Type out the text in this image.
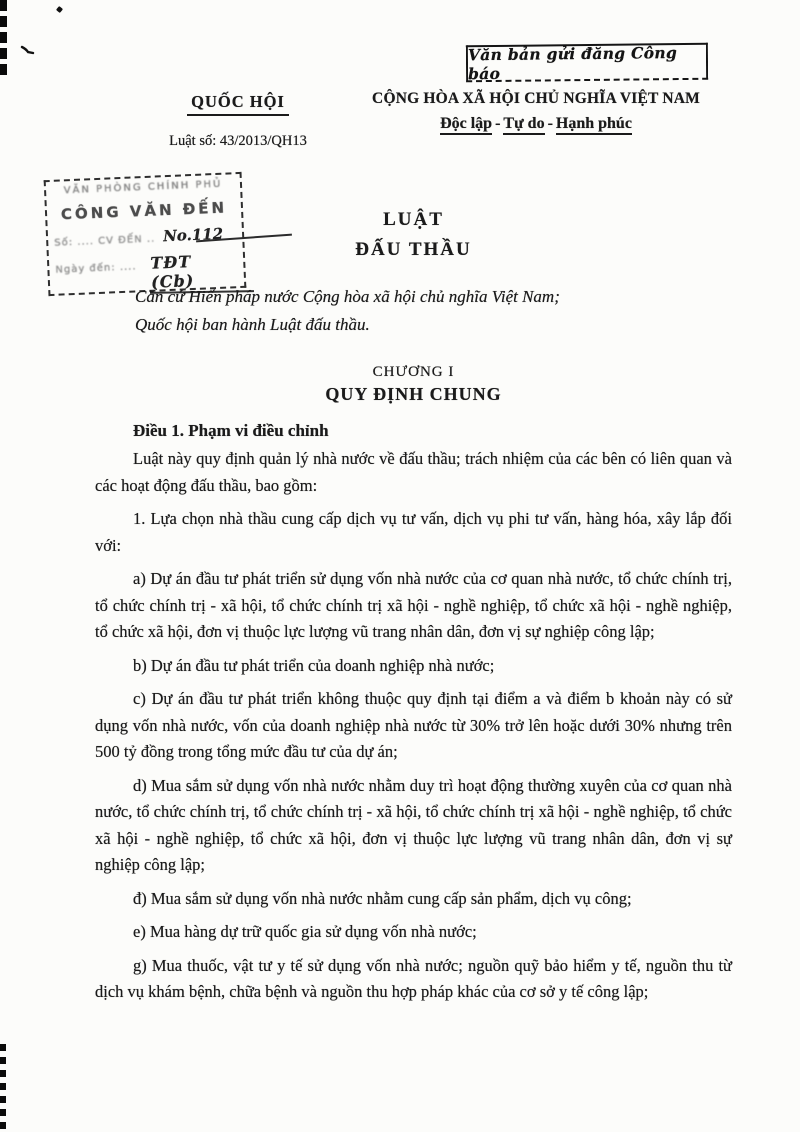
Văn bản gửi đăng Công báo
QUỐC HỘI
Luật số: 43/2013/QH13
CỘNG HÒA XÃ HỘI CHỦ NGHĨA VIỆT NAM
Độc lập - Tự do - Hạnh phúc
VĂN PHÒNG CHÍNH PHỦ
CÔNG VĂN ĐẾN
Số: .... CV ĐẾN .. No.112
Ngày đến: .... TĐT (Cb)
LUẬT
ĐẤU THẦU

Căn cứ Hiến pháp nước Cộng hòa xã hội chủ nghĩa Việt Nam;

Quốc hội ban hành Luật đấu thầu.

CHƯƠNG I
QUY ĐỊNH CHUNG
Điều 1. Phạm vi điều chỉnh

Luật này quy định quản lý nhà nước về đấu thầu; trách nhiệm của các bên có liên quan và các hoạt động đấu thầu, bao gồm:

1. Lựa chọn nhà thầu cung cấp dịch vụ tư vấn, dịch vụ phi tư vấn, hàng hóa, xây lắp đối với:

a) Dự án đầu tư phát triển sử dụng vốn nhà nước của cơ quan nhà nước, tổ chức chính trị, tổ chức chính trị - xã hội, tổ chức chính trị xã hội - nghề nghiệp, tổ chức xã hội - nghề nghiệp, tổ chức xã hội, đơn vị thuộc lực lượng vũ trang nhân dân, đơn vị sự nghiệp công lập;

b) Dự án đầu tư phát triển của doanh nghiệp nhà nước;

c) Dự án đầu tư phát triển không thuộc quy định tại điểm a và điểm b khoản này có sử dụng vốn nhà nước, vốn của doanh nghiệp nhà nước từ 30% trở lên hoặc dưới 30% nhưng trên 500 tỷ đồng trong tổng mức đầu tư của dự án;

d) Mua sắm sử dụng vốn nhà nước nhằm duy trì hoạt động thường xuyên của cơ quan nhà nước, tổ chức chính trị, tổ chức chính trị - xã hội, tổ chức chính trị xã hội - nghề nghiệp, tổ chức xã hội - nghề nghiệp, tổ chức xã hội, đơn vị thuộc lực lượng vũ trang nhân dân, đơn vị sự nghiệp công lập;

đ) Mua sắm sử dụng vốn nhà nước nhằm cung cấp sản phẩm, dịch vụ công;

e) Mua hàng dự trữ quốc gia sử dụng vốn nhà nước;

g) Mua thuốc, vật tư y tế sử dụng vốn nhà nước; nguồn quỹ bảo hiểm y tế, nguồn thu từ dịch vụ khám bệnh, chữa bệnh và nguồn thu hợp pháp khác của cơ sở y tế công lập;
